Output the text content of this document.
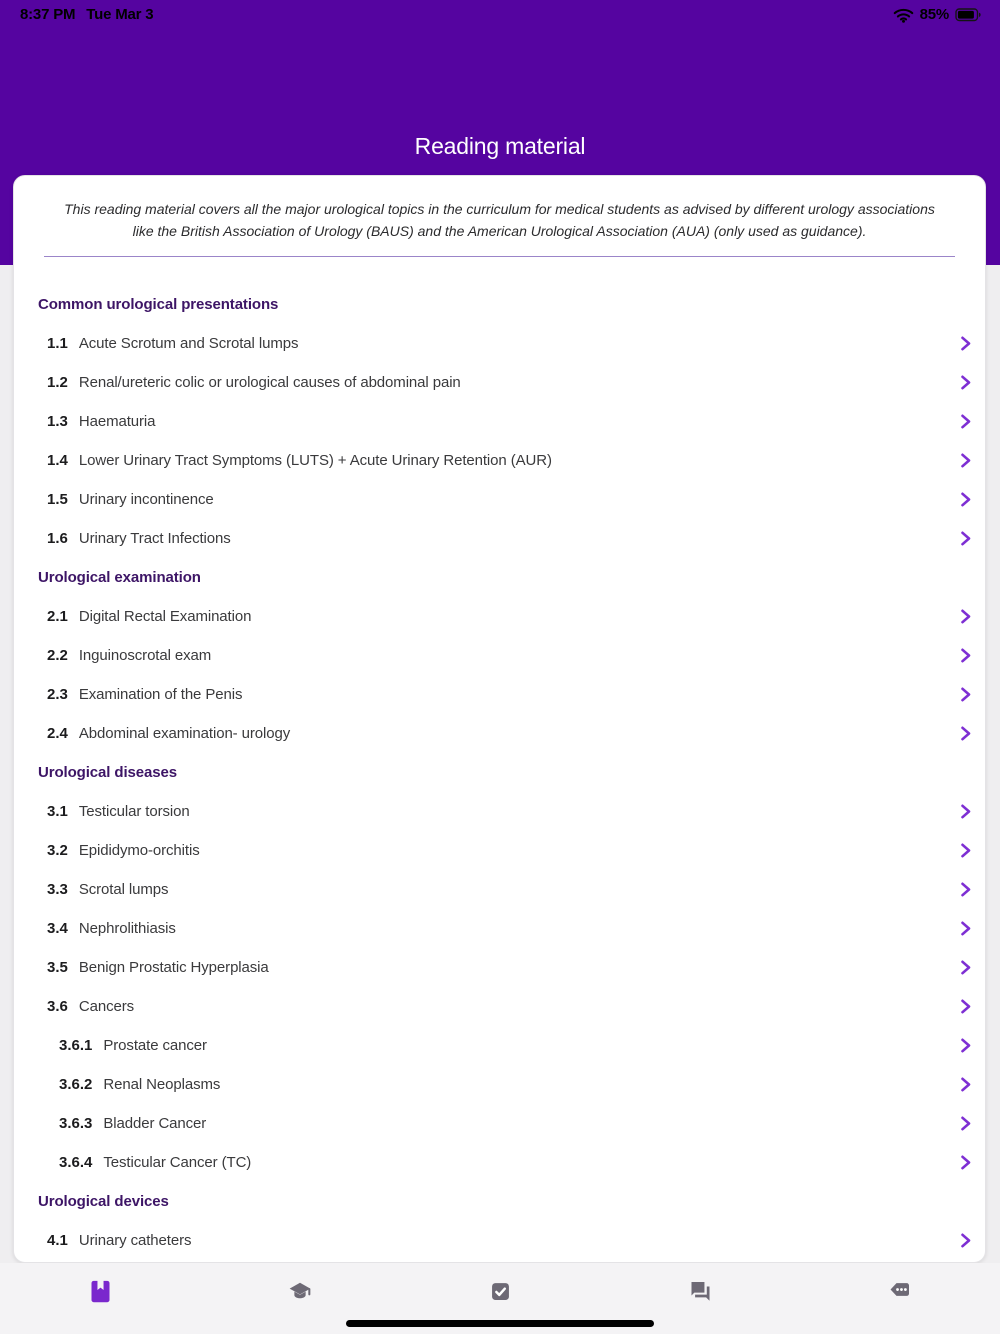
8:37 PM Tue Mar 3	85%
Reading material
This reading material covers all the major urological topics in the curriculum for medical students as advised by different urology associations like the British Association of Urology (BAUS) and the American Urological Association (AUA) (only used as guidance).
Common urological presentations
1.1 Acute Scrotum and Scrotal lumps
1.2 Renal/ureteric colic or urological causes of abdominal pain
1.3 Haematuria
1.4 Lower Urinary Tract Symptoms (LUTS) + Acute Urinary Retention (AUR)
1.5 Urinary incontinence
1.6 Urinary Tract Infections
Urological examination
2.1 Digital Rectal Examination
2.2 Inguinoscrotal exam
2.3 Examination of the Penis
2.4 Abdominal examination- urology
Urological diseases
3.1 Testicular torsion
3.2 Epididymo-orchitis
3.3 Scrotal lumps
3.4 Nephrolithiasis
3.5 Benign Prostatic Hyperplasia
3.6 Cancers
3.6.1 Prostate cancer
3.6.2 Renal Neoplasms
3.6.3 Bladder Cancer
3.6.4 Testicular Cancer (TC)
Urological devices
4.1 Urinary catheters
